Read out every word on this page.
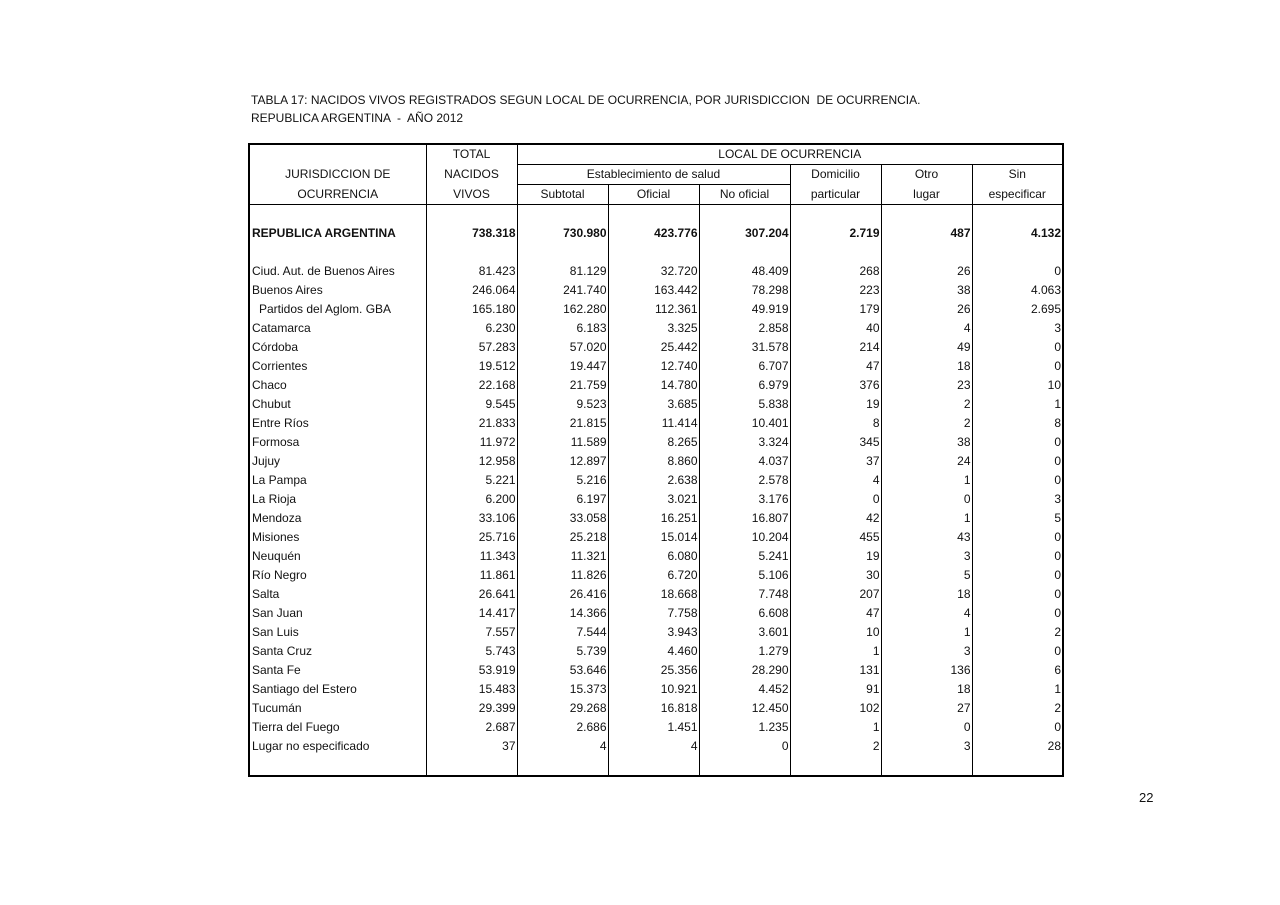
TABLA 17: NACIDOS VIVOS REGISTRADOS SEGUN LOCAL DE OCURRENCIA, POR JURISDICCION  DE OCURRENCIA.
REPUBLICA ARGENTINA  -  AÑO 2012
	TOTAL	LOCAL DE OCURRENCIA					
JURISDICCION DE	NACIDOS	Establecimiento de salud			Domicilio	Otro	Sin
OCURRENCIA	VIVOS	Subtotal	Oficial	No oficial	particular	lugar	especificar

REPUBLICA ARGENTINA	738.318	730.980	423.776	307.204	2.719	487	4.132

Ciud. Aut. de Buenos Aires	81.423	81.129	32.720	48.409	268	26	0
Buenos Aires	246.064	241.740	163.442	78.298	223	38	4.063
Partidos del Aglom. GBA	165.180	162.280	112.361	49.919	179	26	2.695
Catamarca	6.230	6.183	3.325	2.858	40	4	3
Córdoba	57.283	57.020	25.442	31.578	214	49	0
Corrientes	19.512	19.447	12.740	6.707	47	18	0
Chaco	22.168	21.759	14.780	6.979	376	23	10
Chubut	9.545	9.523	3.685	5.838	19	2	1
Entre Ríos	21.833	21.815	11.414	10.401	8	2	8
Formosa	11.972	11.589	8.265	3.324	345	38	0
Jujuy	12.958	12.897	8.860	4.037	37	24	0
La Pampa	5.221	5.216	2.638	2.578	4	1	0
La Rioja	6.200	6.197	3.021	3.176	0	0	3
Mendoza	33.106	33.058	16.251	16.807	42	1	5
Misiones	25.716	25.218	15.014	10.204	455	43	0
Neuquén	11.343	11.321	6.080	5.241	19	3	0
Río Negro	11.861	11.826	6.720	5.106	30	5	0
Salta	26.641	26.416	18.668	7.748	207	18	0
San Juan	14.417	14.366	7.758	6.608	47	4	0
San Luis	7.557	7.544	3.943	3.601	10	1	2
Santa Cruz	5.743	5.739	4.460	1.279	1	3	0
Santa Fe	53.919	53.646	25.356	28.290	131	136	6
Santiago del Estero	15.483	15.373	10.921	4.452	91	18	1
Tucumán	29.399	29.268	16.818	12.450	102	27	2
Tierra del Fuego	2.687	2.686	1.451	1.235	1	0	0
Lugar no especificado	37	4	4	0	2	3	28

22
